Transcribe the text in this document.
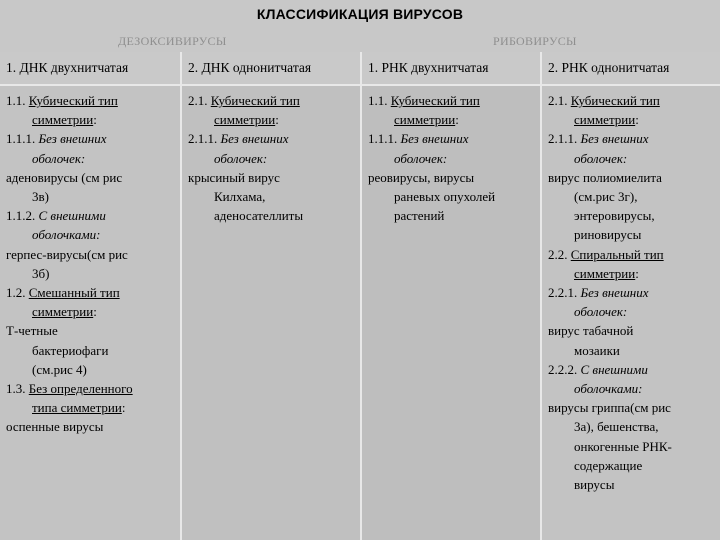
КЛАССИФИКАЦИЯ ВИРУСОВ
ДЕЗОКСИВИРУСЫ	РИБОВИРУСЫ
1. ДНК двухнитчатая
1.1. Кубический тип
симметрии:
1.1.1. Без внешних
оболочек:
аденовирусы (см рис
3в)
1.1.2. С внешними
оболочками:
герпес-вирусы(см рис
3б)
1.2. Смешанный тип
симметрии:
Т-четные
бактериофаги
(см.рис 4)
1.3. Без определенного
типа симметрии:
оспенные вирусы
2. ДНК однонитчатая
2.1. Кубический тип
симметрии:
2.1.1. Без внешних
оболочек:
крысиный вирус
Килхама,
аденосателлиты
1. РНК двухнитчатая
1.1. Кубический тип
симметрии:
1.1.1. Без внешних
оболочек:
реовирусы, вирусы
раневых опухолей
растений
2. РНК однонитчатая
2.1. Кубический тип
симметрии:
2.1.1. Без внешних
оболочек:
вирус полиомиелита
(см.рис 3г),
энтеровирусы,
риновирусы
2.2. Спиральный тип
симметрии:
2.2.1. Без внешних
оболочек:
вирус табачной
мозаики
2.2.2. С внешними
оболочками:
вирусы гриппа(см рис
3а), бешенства,
онкогенные РНК-
содержащие
вирусы
